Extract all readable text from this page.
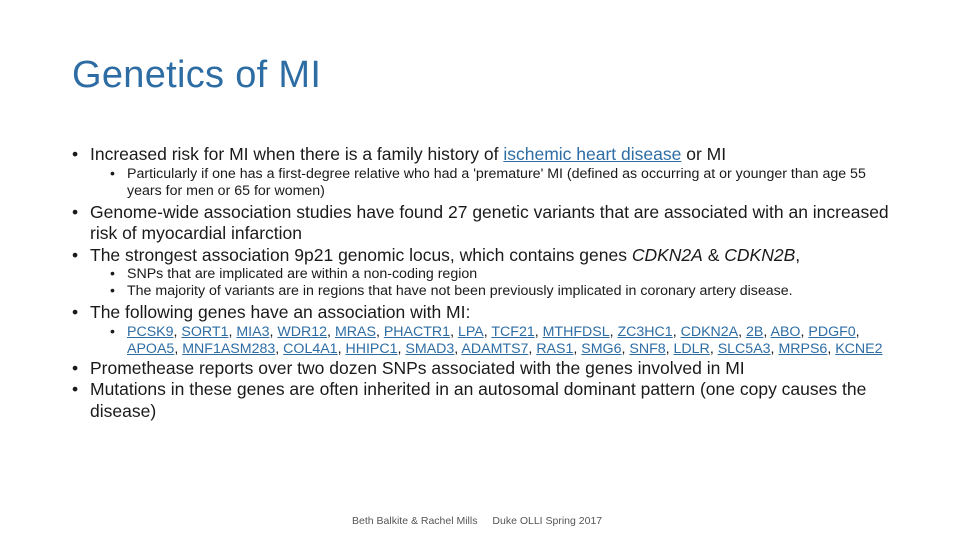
Genetics of MI
• Increased risk for MI when there is a family history of ischemic heart disease or MI
• Particularly if one has a first-degree relative who had a 'premature' MI (defined as occurring at or younger than age 55 years for men or 65 for women)
• Genome-wide association studies have found 27 genetic variants that are associated with an increased risk of myocardial infarction
• The strongest association 9p21 genomic locus, which contains genes CDKN2A & CDKN2B,
• SNPs that are implicated are within a non-coding region
• The majority of variants are in regions that have not been previously implicated in coronary artery disease.
• The following genes have an association with MI:
• PCSK9, SORT1, MIA3, WDR12, MRAS, PHACTR1, LPA, TCF21, MTHFDSL, ZC3HC1, CDKN2A, 2B, ABO, PDGF0, APOA5, MNF1ASM283, COL4A1, HHIPC1, SMAD3, ADAMTS7, RAS1, SMG6, SNF8, LDLR, SLC5A3, MRPS6, KCNE2
• Promethease reports over two dozen SNPs associated with the genes involved in MI
• Mutations in these genes are often inherited in an autosomal dominant pattern (one copy causes the disease)
Beth Balkite & Rachel Mills Duke OLLI Spring 2017
